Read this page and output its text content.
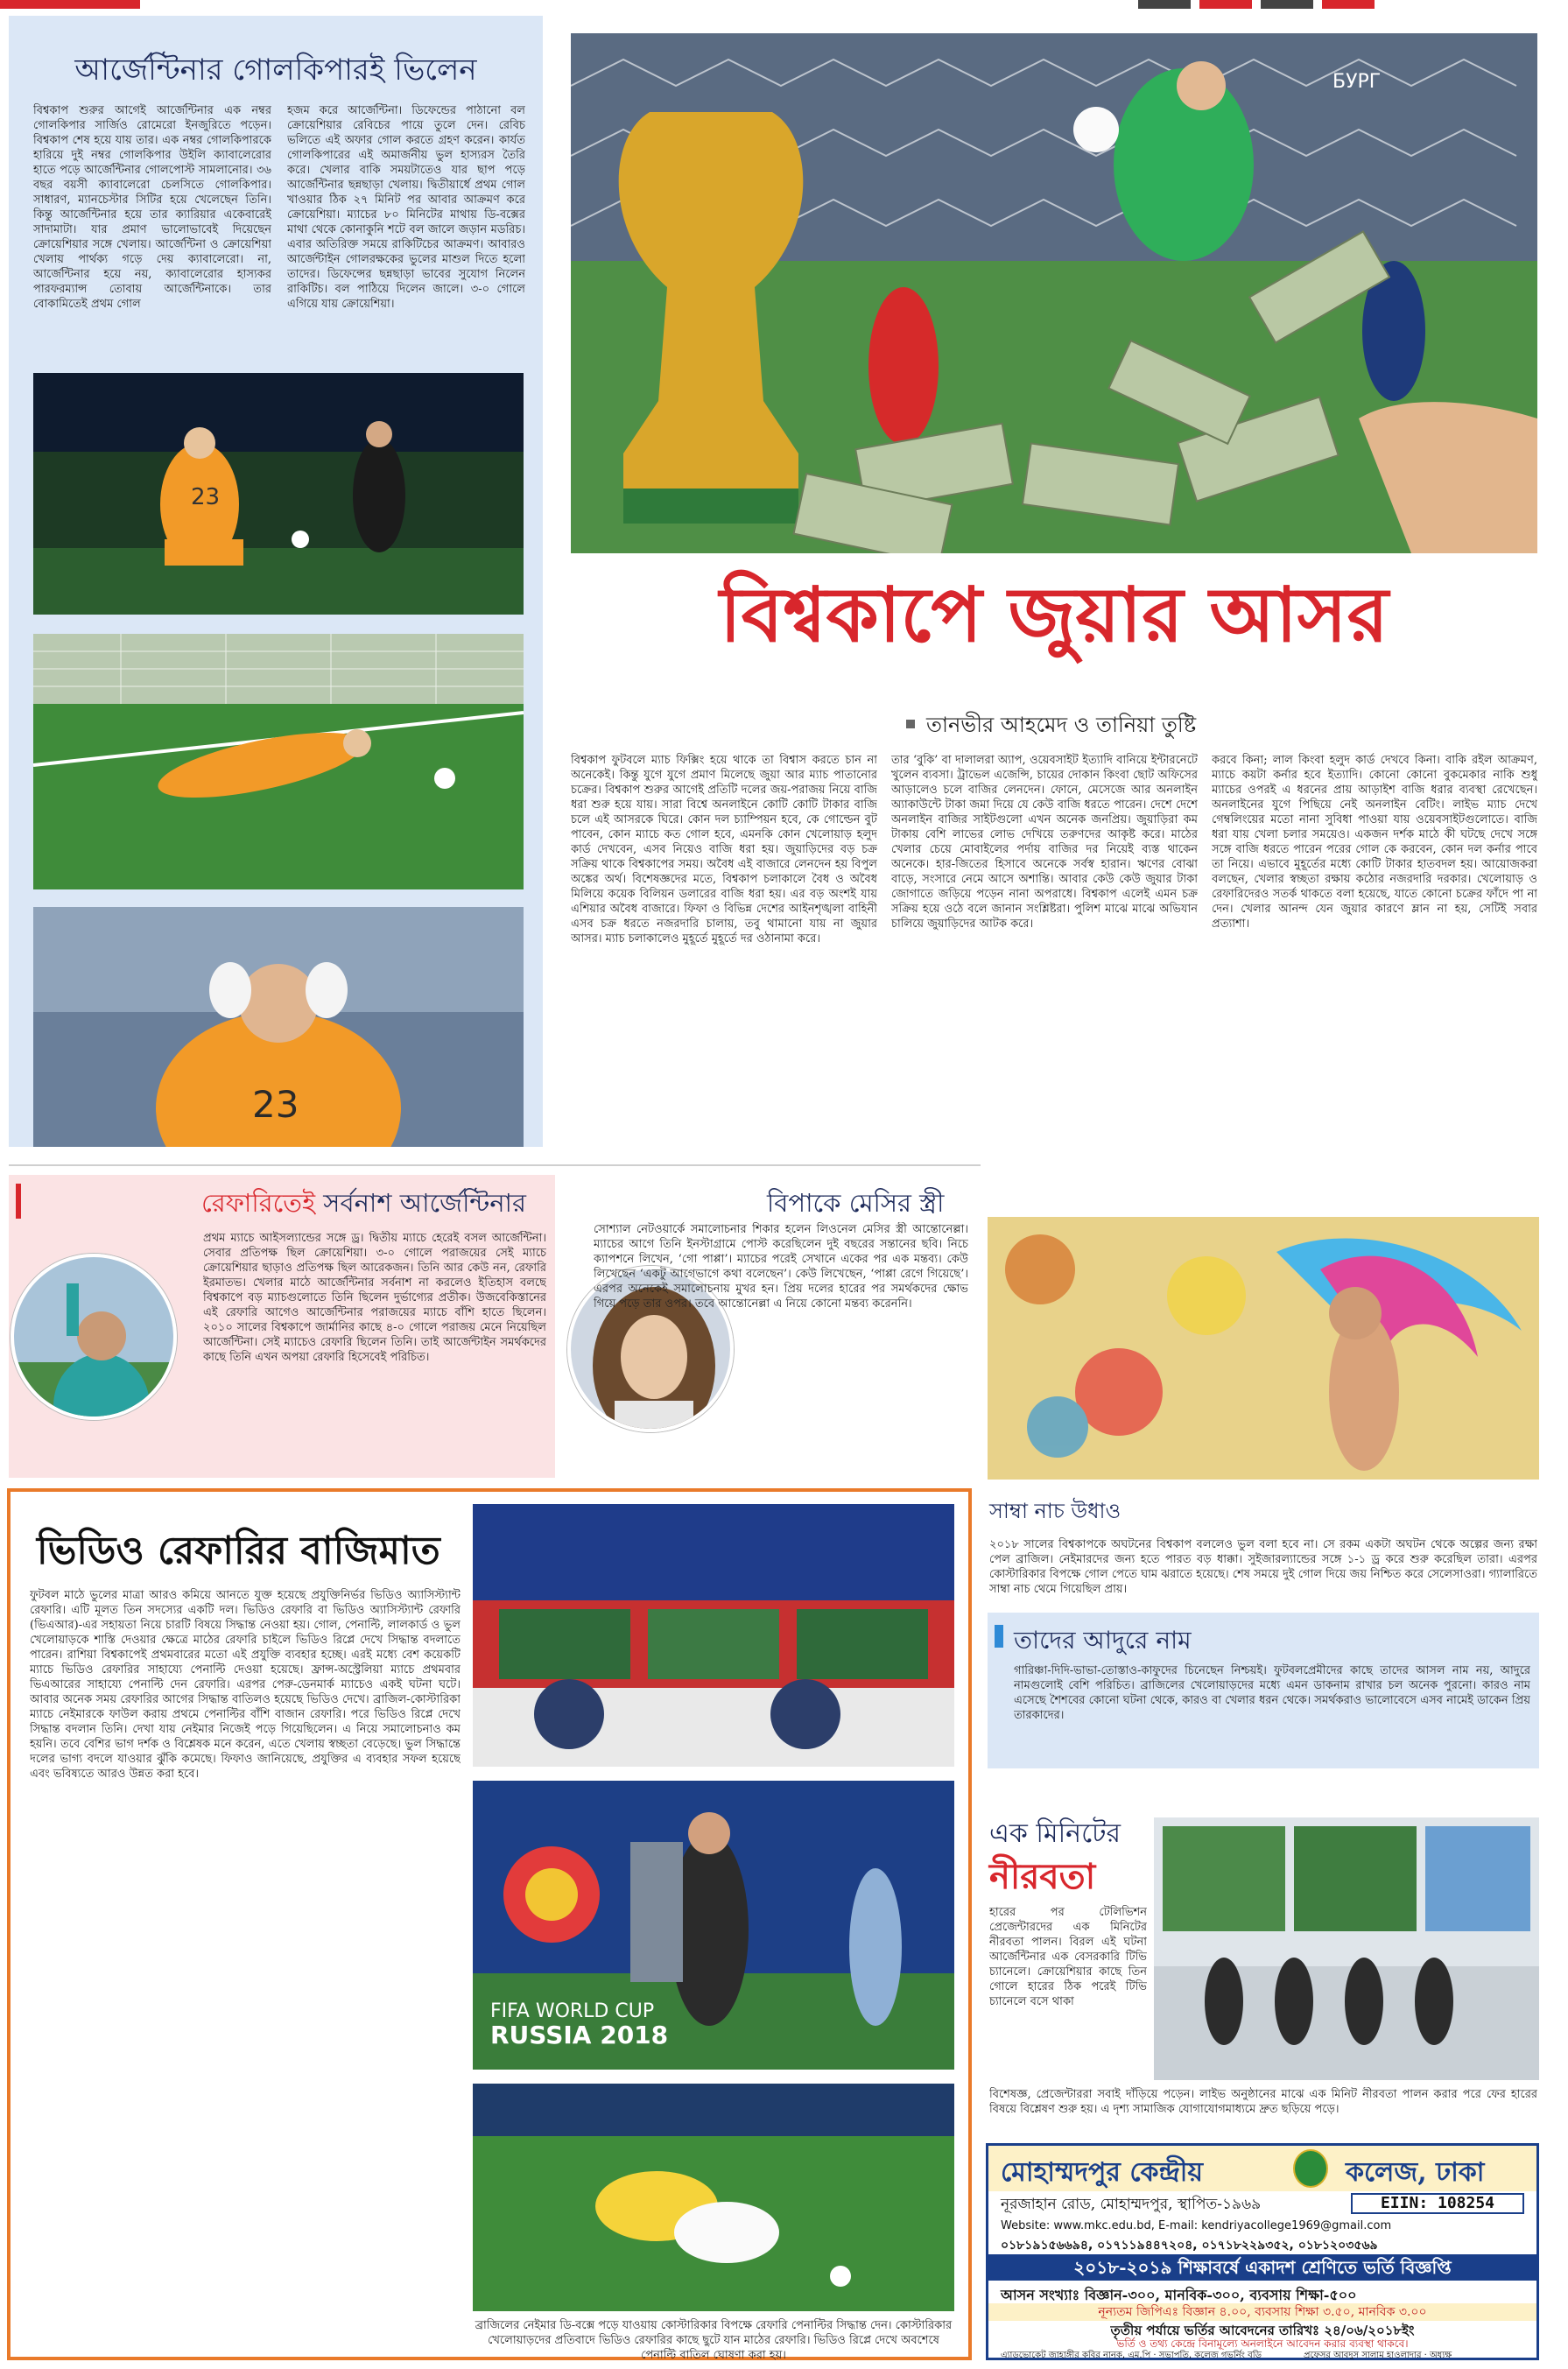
আর্জেন্টিনার গোলকিপারই ভিলেন
বিশ্বকাপ শুরুর আগেই আর্জেন্টিনার এক নম্বর গোলকিপার সার্জিও রোমেরো ইনজুরিতে পড়েন। বিশ্বকাপ শেষ হয়ে যায় তার। এক নম্বর গোলকিপারকে হারিয়ে দুই নম্বর গোলকিপার উইলি ক্যাবালেরোর হাতে পড়ে আর্জেন্টিনার গোলপোস্ট সামলানোর। ৩৬ বছর বয়সী ক্যাবালেরো চেলসিতে গোলকিপার। সাধারণ, ম্যানচেস্টার সিটির হয়ে খেলেছেন তিনি। কিন্তু আর্জেন্টিনার হয়ে তার ক্যারিয়ার একেবারেই সাদামাটা। যার প্রমাণ ভালোভাবেই দিয়েছেন ক্রোয়েশিয়ার সঙ্গে খেলায়। আর্জেন্টিনা ও ক্রোয়েশিয়া খেলায় পার্থক্য গড়ে দেয় ক্যাবালেরো। না, আর্জেন্টিনার হয়ে নয়, ক্যাবালেরোর হাস্যকর পারফরম্যান্স তোবায় আর্জেন্টিনাকে। তার বোকামিতেই প্রথম গোল
হজম করে আর্জেন্টিনা। ডিফেন্ডের পাঠানো বল ক্রোয়েশিয়ার রেবিচের পায়ে তুলে দেন। রেবিচ ভলিতে এই অফার গোল করতে গ্রহণ করেন। কার্যত গোলকিপারের এই অমার্জনীয় ভুল হাস্যরস তৈরি করে। খেলার বাকি সময়টাতেও যার ছাপ পড়ে আর্জেন্টিনার ছন্নছাড়া খেলায়। দ্বিতীয়ার্ধে প্রথম গোল খাওয়ার ঠিক ২৭ মিনিট পর আবার আক্রমণ করে ক্রোয়েশিয়া। ম্যাচের ৮০ মিনিটের মাথায় ডি-বক্সের মাথা থেকে কোনাকুনি শটে বল জালে জড়ান মডরিচ। এবার অতিরিক্ত সময়ে রাকিটিচের আক্রমণ। আবারও আর্জেন্টাইন গোলরক্ষকের ভুলের মাশুল দিতে হলো তাদের। ডিফেন্সের ছন্নছাড়া ভাবের সুযোগ নিলেন রাকিটিচ। বল পাঠিয়ে দিলেন জালে। ৩-০ গোলে এগিয়ে যায় ক্রোয়েশিয়া।
23
23
БУРГ
বিশ্বকাপে জুয়ার আসর
তানভীর আহমেদ ও তানিয়া তুষ্টি
বিশ্বকাপ ফুটবলে ম্যাচ ফিক্সিং হয়ে থাকে তা বিশ্বাস করতে চান না অনেকেই। কিন্তু যুগে যুগে প্রমাণ মিলেছে জুয়া আর ম্যাচ পাতানোর চক্রের। বিশ্বকাপ শুরুর আগেই প্রতিটি দলের জয়-পরাজয় নিয়ে বাজি ধরা শুরু হয়ে যায়। সারা বিশ্বে অনলাইনে কোটি কোটি টাকার বাজি চলে এই আসরকে ঘিরে। কোন দল চ্যাম্পিয়ন হবে, কে গোল্ডেন বুট পাবেন, কোন ম্যাচে কত গোল হবে, এমনকি কোন খেলোয়াড় হলুদ কার্ড দেখবেন, এসব নিয়েও বাজি ধরা হয়। জুয়াড়িদের বড় চক্র সক্রিয় থাকে বিশ্বকাপের সময়। অবৈধ এই বাজারে লেনদেন হয় বিপুল অঙ্কের অর্থ। বিশেষজ্ঞদের মতে, বিশ্বকাপ চলাকালে বৈধ ও অবৈধ মিলিয়ে কয়েক বিলিয়ন ডলারের বাজি ধরা হয়। এর বড় অংশই যায় এশিয়ার অবৈধ বাজারে। ফিফা ও বিভিন্ন দেশের আইনশৃঙ্খলা বাহিনী এসব চক্র ধরতে নজরদারি চালায়, তবু থামানো যায় না জুয়ার আসর। ম্যাচ চলাকালেও মুহূর্তে মুহূর্তে দর ওঠানামা করে।
তার ‘বুকি’ বা দালালরা অ্যাপ, ওয়েবসাইট ইত্যাদি বানিয়ে ইন্টারনেটে খুলেন ব্যবসা। ট্রাভেল এজেন্সি, চায়ের দোকান কিংবা ছোট অফিসের আড়ালেও চলে বাজির লেনদেন। ফোনে, মেসেজে আর অনলাইন অ্যাকাউন্টে টাকা জমা দিয়ে যে কেউ বাজি ধরতে পারেন। দেশে দেশে অনলাইন বাজির সাইটগুলো এখন অনেক জনপ্রিয়। জুয়াড়িরা কম টাকায় বেশি লাভের লোভ দেখিয়ে তরুণদের আকৃষ্ট করে। মাঠের খেলার চেয়ে মোবাইলের পর্দায় বাজির দর নিয়েই ব্যস্ত থাকেন অনেকে। হার-জিতের হিসাবে অনেকে সর্বস্ব হারান। ঋণের বোঝা বাড়ে, সংসারে নেমে আসে অশান্তি। আবার কেউ কেউ জুয়ার টাকা জোগাতে জড়িয়ে পড়েন নানা অপরাধে। বিশ্বকাপ এলেই এমন চক্র সক্রিয় হয়ে ওঠে বলে জানান সংশ্লিষ্টরা। পুলিশ মাঝে মাঝে অভিযান চালিয়ে জুয়াড়িদের আটক করে।
করবে কিনা; লাল কিংবা হলুদ কার্ড দেখবে কিনা। বাকি রইল আক্রমণ, ম্যাচে কয়টা কর্নার হবে ইত্যাদি। কোনো কোনো বুকমেকার নাকি শুধু ম্যাচের ওপরই এ ধরনের প্রায় আড়াইশ বাজি ধরার ব্যবস্থা রেখেছেন। অনলাইনের যুগে পিছিয়ে নেই অনলাইন বেটিং। লাইভ ম্যাচ দেখে গেম্বলিংয়ের মতো নানা সুবিধা পাওয়া যায় ওয়েবসাইটগুলোতে। বাজি ধরা যায় খেলা চলার সময়েও। একজন দর্শক মাঠে কী ঘটছে দেখে সঙ্গে সঙ্গে বাজি ধরতে পারেন পরের গোল কে করবেন, কোন দল কর্নার পাবে তা নিয়ে। এভাবে মুহূর্তের মধ্যে কোটি টাকার হাতবদল হয়। আয়োজকরা বলছেন, খেলার স্বচ্ছতা রক্ষায় কঠোর নজরদারি দরকার। খেলোয়াড় ও রেফারিদেরও সতর্ক থাকতে বলা হয়েছে, যাতে কোনো চক্রের ফাঁদে পা না দেন। খেলার আনন্দ যেন জুয়ার কারণে ম্লান না হয়, সেটিই সবার প্রত্যাশা।
রেফারিতেই সর্বনাশ আর্জেন্টিনার
প্রথম ম্যাচে আইসল্যান্ডের সঙ্গে ড্র। দ্বিতীয় ম্যাচে হেরেই বসল আর্জেন্টিনা। সেবার প্রতিপক্ষ ছিল ক্রোয়েশিয়া। ৩-০ গোলে পরাজয়ের সেই ম্যাচে ক্রোয়েশিয়ার ছাড়াও প্রতিপক্ষ ছিল আরেকজন। তিনি আর কেউ নন, রেফারি ইরমাতভ। খেলার মাঠে আর্জেন্টিনার সর্বনাশ না করলেও ইতিহাস বলছে বিশ্বকাপে বড় ম্যাচগুলোতে তিনি ছিলেন দুর্ভাগ্যের প্রতীক। উজবেকিস্তানের এই রেফারি আগেও আর্জেন্টিনার পরাজয়ের ম্যাচে বাঁশি হাতে ছিলেন। ২০১০ সালের বিশ্বকাপে জার্মানির কাছে ৪-০ গোলে পরাজয় মেনে নিয়েছিল আর্জেন্টিনা। সেই ম্যাচেও রেফারি ছিলেন তিনি। তাই আর্জেন্টাইন সমর্থকদের কাছে তিনি এখন অপয়া রেফারি হিসেবেই পরিচিত।
বিপাকে মেসির স্ত্রী
সোশ্যাল নেটওয়ার্কে সমালোচনার শিকার হলেন লিওনেল মেসির স্ত্রী আন্তোনেল্লা। ম্যাচের আগে তিনি ইনস্টাগ্রামে পোস্ট করেছিলেন দুই বছরের সন্তানের ছবি। নিচে ক্যাপশনে লিখেন, ‘গো পাপ্পা’। ম্যাচের পরেই সেখানে একের পর এক মন্তব্য। কেউ লিখেছেন ‘একটু আগেভাগে কথা বলেছেন’। কেউ লিখেছেন, ‘পাপ্পা রেগে গিয়েছে’। এরপর অনেকেই সমালোচনায় মুখর হন। প্রিয় দলের হারের পর সমর্থকদের ক্ষোভ গিয়ে পড়ে তার ওপর। তবে আন্তোনেল্লা এ নিয়ে কোনো মন্তব্য করেননি।
সাম্বা নাচ উধাও
২০১৮ সালের বিশ্বকাপকে অঘটনের বিশ্বকাপ বললেও ভুল বলা হবে না। সে রকম একটা অঘটন থেকে অল্পের জন্য রক্ষা পেল ব্রাজিল। নেইমারদের জন্য হতে পারত বড় ধাক্কা। সুইজারল্যান্ডের সঙ্গে ১-১ ড্র করে শুরু করেছিল তারা। এরপর কোস্টারিকার বিপক্ষে গোল পেতে ঘাম ঝরাতে হয়েছে। শেষ সময়ে দুই গোল দিয়ে জয় নিশ্চিত করে সেলেসাওরা। গ্যালারিতে সাম্বা নাচ থেমে গিয়েছিল প্রায়।
তাদের আদুরে নাম
গারিঞ্চা-দিদি-ভাভা-তোস্তাও-কাফুদের চিনেছেন নিশ্চয়ই। ফুটবলপ্রেমীদের কাছে তাদের আসল নাম নয়, আদুরে নামগুলোই বেশি পরিচিত। ব্রাজিলের খেলোয়াড়দের মধ্যে এমন ডাকনাম রাখার চল অনেক পুরনো। কারও নাম এসেছে শৈশবের কোনো ঘটনা থেকে, কারও বা খেলার ধরন থেকে। সমর্থকরাও ভালোবেসে এসব নামেই ডাকেন প্রিয় তারকাদের।
এক মিনিটের
নীরবতা
হারের পর টেলিভিশন প্রেজেন্টারদের এক মিনিটের নীরবতা পালন। বিরল এই ঘটনা আর্জেন্টিনার এক বেসরকারি টিভি চ্যানেলে। ক্রোয়েশিয়ার কাছে তিন গোলে হারের ঠিক পরেই টিভি চ্যানেলে বসে থাকা
বিশেষজ্ঞ, প্রেজেন্টাররা সবাই দাঁড়িয়ে পড়েন। লাইভ অনুষ্ঠানের মাঝে এক মিনিট নীরবতা পালন করার পরে ফের হারের বিষয়ে বিশ্লেষণ শুরু হয়। এ দৃশ্য সামাজিক যোগাযোগমাধ্যমে দ্রুত ছড়িয়ে পড়ে।
ভিডিও রেফারির বাজিমাত
ফুটবল মাঠে ভুলের মাত্রা আরও কমিয়ে আনতে যুক্ত হয়েছে প্রযুক্তিনির্ভর ভিডিও অ্যাসিস্ট্যান্ট রেফারি। এটি মূলত তিন সদস্যের একটি দল। ভিডিও রেফারি বা ভিডিও অ্যাসিস্ট্যান্ট রেফারি (ভিএআর)-এর সহায়তা নিয়ে চারটি বিষয়ে সিদ্ধান্ত নেওয়া হয়। গোল, পেনাল্টি, লালকার্ড ও ভুল খেলোয়াড়কে শাস্তি দেওয়ার ক্ষেত্রে মাঠের রেফারি চাইলে ভিডিও রিপ্লে দেখে সিদ্ধান্ত বদলাতে পারেন। রাশিয়া বিশ্বকাপেই প্রথমবারের মতো এই প্রযুক্তি ব্যবহার হচ্ছে। এরই মধ্যে বেশ কয়েকটি ম্যাচে ভিডিও রেফারির সাহায্যে পেনাল্টি দেওয়া হয়েছে। ফ্রান্স-অস্ট্রেলিয়া ম্যাচে প্রথমবার ভিএআরের সাহায্যে পেনাল্টি দেন রেফারি। এরপর পেরু-ডেনমার্ক ম্যাচেও একই ঘটনা ঘটে। আবার অনেক সময় রেফারির আগের সিদ্ধান্ত বাতিলও হয়েছে ভিডিও দেখে। ব্রাজিল-কোস্টারিকা ম্যাচে নেইমারকে ফাউল করায় প্রথমে পেনাল্টির বাঁশি বাজান রেফারি। পরে ভিডিও রিপ্লে দেখে সিদ্ধান্ত বদলান তিনি। দেখা যায় নেইমার নিজেই পড়ে গিয়েছিলেন। এ নিয়ে সমালোচনাও কম হয়নি। তবে বেশির ভাগ দর্শক ও বিশ্লেষক মনে করেন, এতে খেলায় স্বচ্ছতা বেড়েছে। ভুল সিদ্ধান্তে দলের ভাগ্য বদলে যাওয়ার ঝুঁকি কমেছে। ফিফাও জানিয়েছে, প্রযুক্তির এ ব্যবহার সফল হয়েছে এবং ভবিষ্যতে আরও উন্নত করা হবে।
FIFA WORLD CUP
RUSSIA 2018
ব্রাজিলের নেইমার ডি-বক্সে পড়ে যাওয়ায় কোস্টারিকার বিপক্ষে রেফারি পেনাল্টির সিদ্ধান্ত দেন। কোস্টারিকার খেলোয়াড়দের প্রতিবাদে ভিডিও রেফারির কাছে ছুটে যান মাঠের রেফারি। ভিডিও রিপ্লে দেখে অবশেষে পেনাল্টি বাতিল ঘোষণা করা হয়।
মোহাম্মদপুর কেন্দ্রীয়	কলেজ, ঢাকা
নূরজাহান রোড, মোহাম্মদপুর, স্থাপিত-১৯৬৯	EIIN: 108254
Website: www.mkc.edu.bd, E-mail: kendriyacollege1969@gmail.com
০১৮১৯১৫৬৬৯৪, ০১৭১১৯৪৪৭২০৪, ০১৭১৮২২৯৩৫২, ০১৮১২০৩৫৬৯
২০১৮-২০১৯ শিক্ষাবর্ষে একাদশ শ্রেণিতে ভর্তি বিজ্ঞপ্তি
আসন সংখ্যাঃ বিজ্ঞান-৩০০, মানবিক-৩০০, ব্যবসায় শিক্ষা-৫০০
নূন্যতম জিপিএঃ বিজ্ঞান ৪.০০, ব্যবসায় শিক্ষা ৩.৫০, মানবিক ৩.০০
তৃতীয় পর্যায়ে ভর্তির আবেদনের তারিখঃ ২৪/০৬/২০১৮ইং
ভর্তি ও তথ্য কেন্দ্রে বিনামূল্যে অনলাইনে আবেদন করার ব্যবস্থা থাকবে।
এ্যাডভোকেট জাহাঙ্গীর কবির নানক, এম.পি · সভাপতি, কলেজ গভর্নিং বডি	প্রফেসর আবদুস সালাম হাওলাদার · অধ্যক্ষ
